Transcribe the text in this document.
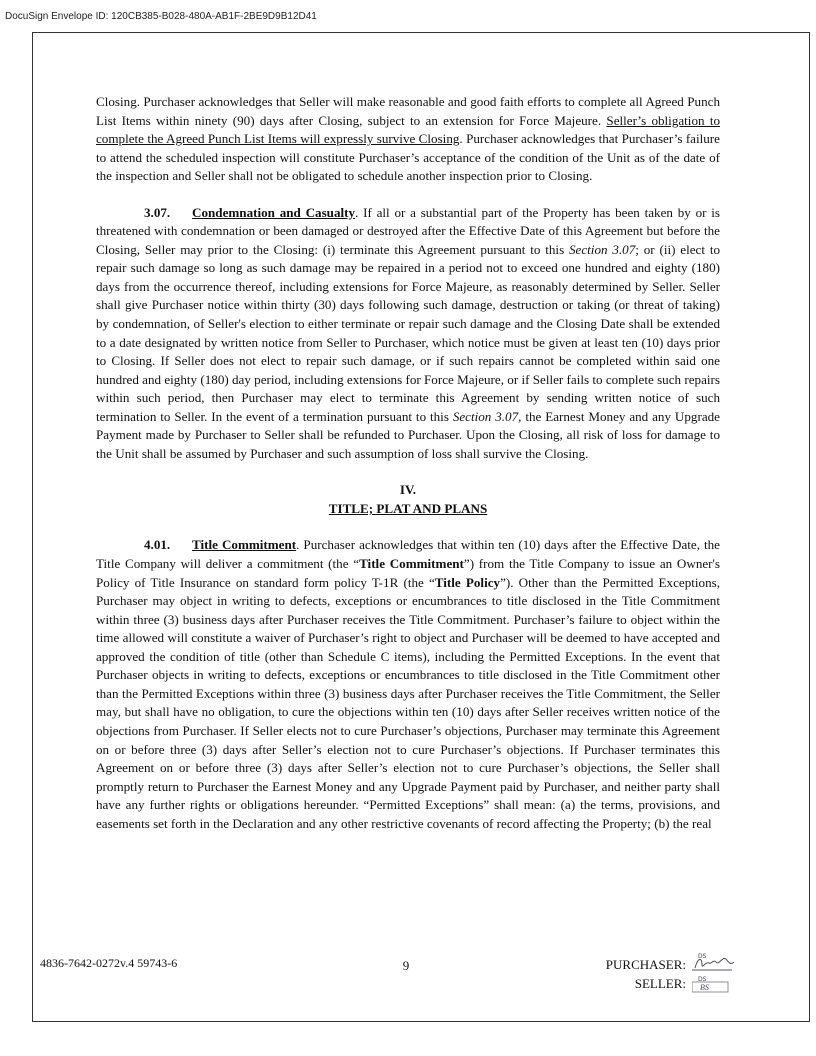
DocuSign Envelope ID: 120CB385-B028-480A-AB1F-2BE9D9B12D41

Closing. Purchaser acknowledges that Seller will make reasonable and good faith efforts to complete all Agreed Punch List Items within ninety (90) days after Closing, subject to an extension for Force Majeure. Seller’s obligation to complete the Agreed Punch List Items will expressly survive Closing. Purchaser acknowledges that Purchaser’s failure to attend the scheduled inspection will constitute Purchaser’s acceptance of the condition of the Unit as of the date of the inspection and Seller shall not be obligated to schedule another inspection prior to Closing.

3.07. Condemnation and Casualty. If all or a substantial part of the Property has been taken by or is threatened with condemnation or been damaged or destroyed after the Effective Date of this Agreement but before the Closing, Seller may prior to the Closing: (i) terminate this Agreement pursuant to this Section 3.07; or (ii) elect to repair such damage so long as such damage may be repaired in a period not to exceed one hundred and eighty (180) days from the occurrence thereof, including extensions for Force Majeure, as reasonably determined by Seller. Seller shall give Purchaser notice within thirty (30) days following such damage, destruction or taking (or threat of taking) by condemnation, of Seller's election to either terminate or repair such damage and the Closing Date shall be extended to a date designated by written notice from Seller to Purchaser, which notice must be given at least ten (10) days prior to Closing. If Seller does not elect to repair such damage, or if such repairs cannot be completed within said one hundred and eighty (180) day period, including extensions for Force Majeure, or if Seller fails to complete such repairs within such period, then Purchaser may elect to terminate this Agreement by sending written notice of such termination to Seller. In the event of a termination pursuant to this Section 3.07, the Earnest Money and any Upgrade Payment made by Purchaser to Seller shall be refunded to Purchaser. Upon the Closing, all risk of loss for damage to the Unit shall be assumed by Purchaser and such assumption of loss shall survive the Closing.

IV.
TITLE; PLAT AND PLANS

4.01. Title Commitment. Purchaser acknowledges that within ten (10) days after the Effective Date, the Title Company will deliver a commitment (the “Title Commitment”) from the Title Company to issue an Owner's Policy of Title Insurance on standard form policy T-1R (the “Title Policy”). Other than the Permitted Exceptions, Purchaser may object in writing to defects, exceptions or encumbrances to title disclosed in the Title Commitment within three (3) business days after Purchaser receives the Title Commitment. Purchaser’s failure to object within the time allowed will constitute a waiver of Purchaser’s right to object and Purchaser will be deemed to have accepted and approved the condition of title (other than Schedule C items), including the Permitted Exceptions. In the event that Purchaser objects in writing to defects, exceptions or encumbrances to title disclosed in the Title Commitment other than the Permitted Exceptions within three (3) business days after Purchaser receives the Title Commitment, the Seller may, but shall have no obligation, to cure the objections within ten (10) days after Seller receives written notice of the objections from Purchaser. If Seller elects not to cure Purchaser’s objections, Purchaser may terminate this Agreement on or before three (3) days after Seller’s election not to cure Purchaser’s objections. If Purchaser terminates this Agreement on or before three (3) days after Seller’s election not to cure Purchaser’s objections, the Seller shall promptly return to Purchaser the Earnest Money and any Upgrade Payment paid by Purchaser, and neither party shall have any further rights or obligations hereunder. “Permitted Exceptions” shall mean: (a) the terms, provisions, and easements set forth in the Declaration and any other restrictive covenants of record affecting the Property; (b) the real

4836-7642-0272v.4 59743-6	9	PURCHASER:
DS
SELLER: DS
BS
